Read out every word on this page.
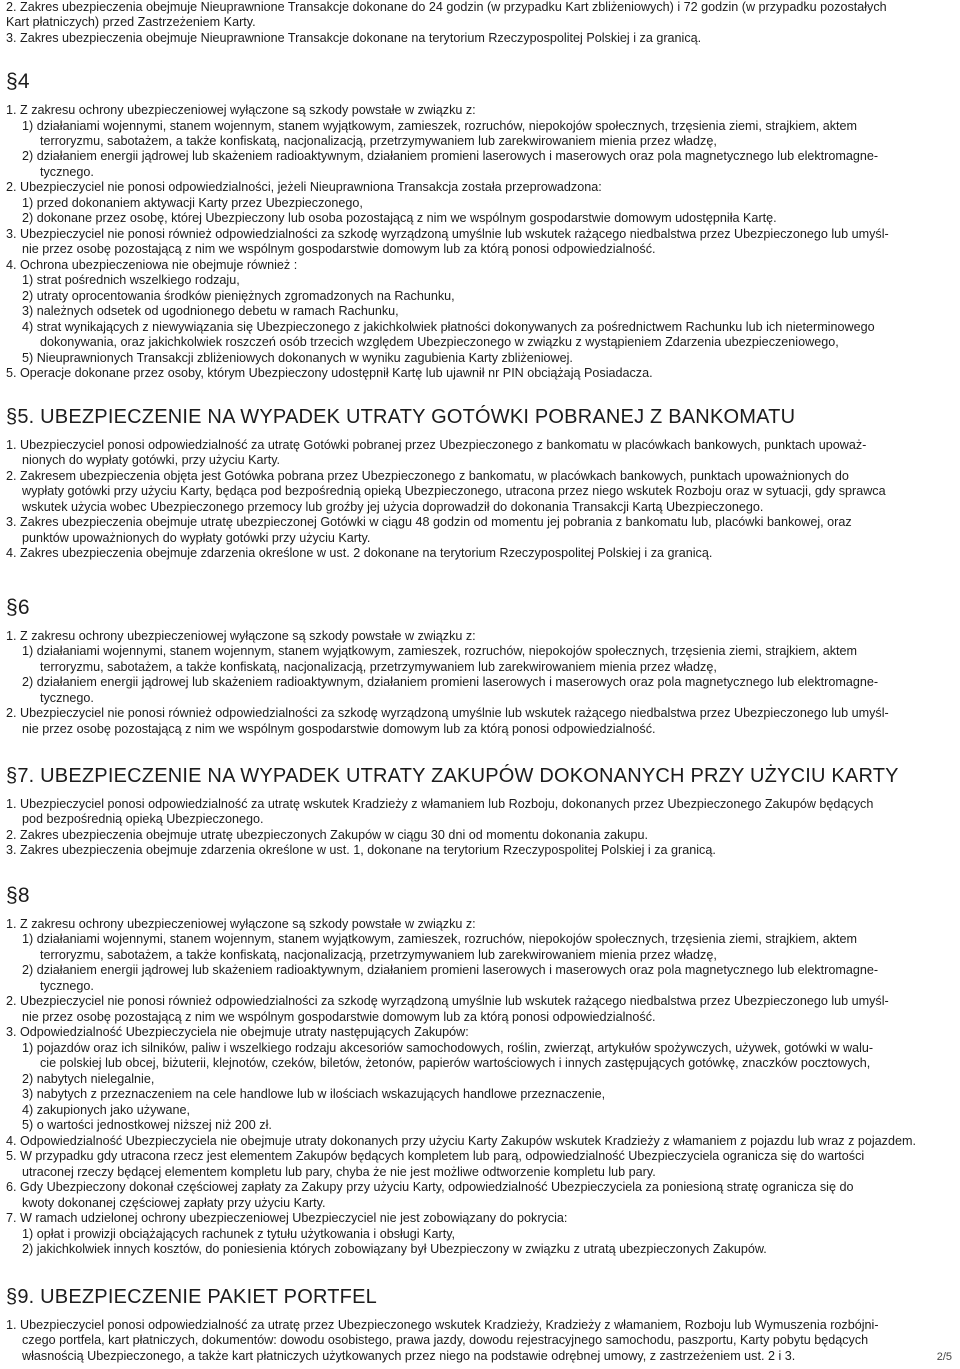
2. Zakres ubezpieczenia obejmuje Nieuprawnione Transakcje dokonane do 24 godzin (w przypadku Kart zbliżeniowych) i 72 godzin (w przypadku pozostałych
Kart płatniczych) przed Zastrzeżeniem Karty.
3. Zakres ubezpieczenia obejmuje Nieuprawnione Transakcje dokonane na terytorium Rzeczypospolitej Polskiej i za granicą.
§4
1. Z zakresu ochrony ubezpieczeniowej wyłączone są szkody powstałe w związku z:
1) działaniami wojennymi, stanem wojennym, stanem wyjątkowym, zamieszek, rozruchów, niepokojów społecznych, trzęsienia ziemi, strajkiem, aktem
terroryzmu, sabotażem, a także konfiskatą, nacjonalizacją, przetrzymywaniem lub zarekwirowaniem mienia przez władzę,
2) działaniem energii jądrowej lub skażeniem radioaktywnym, działaniem promieni laserowych i maserowych oraz pola magnetycznego lub elektromagne-
tycznego.
2. Ubezpieczyciel nie ponosi odpowiedzialności, jeżeli Nieuprawniona Transakcja została przeprowadzona:
1) przed dokonaniem aktywacji Karty przez Ubezpieczonego,
2) dokonane przez osobę, której Ubezpieczony lub osoba pozostającą z nim we wspólnym gospodarstwie domowym udostępniła Kartę.
3. Ubezpieczyciel nie ponosi również odpowiedzialności za szkodę wyrządzoną umyślnie lub wskutek rażącego niedbalstwa przez Ubezpieczonego lub umyśl-
nie przez osobę pozostającą z nim we wspólnym gospodarstwie domowym lub za którą ponosi odpowiedzialność.
4. Ochrona ubezpieczeniowa nie obejmuje również :
1) strat pośrednich wszelkiego rodzaju,
2) utraty oprocentowania środków pieniężnych zgromadzonych na Rachunku,
3) należnych odsetek od ugodnionego debetu w ramach Rachunku,
4) strat wynikających z niewywiązania się Ubezpieczonego z jakichkolwiek płatności dokonywanych za pośrednictwem Rachunku lub ich nieterminowego
dokonywania, oraz jakichkolwiek roszczeń osób trzecich względem Ubezpieczonego w związku z wystąpieniem Zdarzenia ubezpieczeniowego,
5) Nieuprawnionych Transakcji zbliżeniowych dokonanych w wyniku zagubienia Karty zbliżeniowej.
5. Operacje dokonane przez osoby, którym Ubezpieczony udostępnił Kartę lub ujawnił nr PIN obciążają Posiadacza.
§5. UBEZPIECZENIE NA WYPADEK UTRATY GOTÓWKI POBRANEJ Z BANKOMATU
1. Ubezpieczyciel ponosi odpowiedzialność za utratę Gotówki pobranej przez Ubezpieczonego z bankomatu w placówkach bankowych, punktach upoważ-
nionych do wypłaty gotówki, przy użyciu Karty.
2. Zakresem ubezpieczenia objęta jest Gotówka pobrana przez Ubezpieczonego z bankomatu, w placówkach bankowych, punktach upoważnionych do
wypłaty gotówki przy użyciu Karty, będąca pod bezpośrednią opieką Ubezpieczonego, utracona przez niego wskutek Rozboju oraz w sytuacji, gdy sprawca
wskutek użycia wobec Ubezpieczonego przemocy lub groźby jej użycia doprowadził do dokonania Transakcji Kartą Ubezpieczonego.
3. Zakres ubezpieczenia obejmuje utratę ubezpieczonej Gotówki w ciągu 48 godzin od momentu jej pobrania z bankomatu lub, placówki bankowej, oraz
punktów upoważnionych do wypłaty gotówki przy użyciu Karty.
4. Zakres ubezpieczenia obejmuje zdarzenia określone w ust. 2 dokonane na terytorium Rzeczypospolitej Polskiej i za granicą.
§6
1. Z zakresu ochrony ubezpieczeniowej wyłączone są szkody powstałe w związku z:
1) działaniami wojennymi, stanem wojennym, stanem wyjątkowym, zamieszek, rozruchów, niepokojów społecznych, trzęsienia ziemi, strajkiem, aktem
terroryzmu, sabotażem, a także konfiskatą, nacjonalizacją, przetrzymywaniem lub zarekwirowaniem mienia przez władzę,
2) działaniem energii jądrowej lub skażeniem radioaktywnym, działaniem promieni laserowych i maserowych oraz pola magnetycznego lub elektromagne-
tycznego.
2. Ubezpieczyciel nie ponosi również odpowiedzialności za szkodę wyrządzoną umyślnie lub wskutek rażącego niedbalstwa przez Ubezpieczonego lub umyśl-
nie przez osobę pozostającą z nim we wspólnym gospodarstwie domowym lub za którą ponosi odpowiedzialność.
§7. UBEZPIECZENIE NA WYPADEK UTRATY ZAKUPÓW DOKONANYCH PRZY UŻYCIU KARTY
1. Ubezpieczyciel ponosi odpowiedzialność za utratę wskutek Kradzieży z włamaniem lub Rozboju, dokonanych przez Ubezpieczonego Zakupów będących
pod bezpośrednią opieką Ubezpieczonego.
2. Zakres ubezpieczenia obejmuje utratę ubezpieczonych Zakupów w ciągu 30 dni od momentu dokonania zakupu.
3. Zakres ubezpieczenia obejmuje zdarzenia określone w ust. 1, dokonane na terytorium Rzeczypospolitej Polskiej i za granicą.
§8
1. Z zakresu ochrony ubezpieczeniowej wyłączone są szkody powstałe w związku z:
1) działaniami wojennymi, stanem wojennym, stanem wyjątkowym, zamieszek, rozruchów, niepokojów społecznych, trzęsienia ziemi, strajkiem, aktem
terroryzmu, sabotażem, a także konfiskatą, nacjonalizacją, przetrzymywaniem lub zarekwirowaniem mienia przez władzę,
2) działaniem energii jądrowej lub skażeniem radioaktywnym, działaniem promieni laserowych i maserowych oraz pola magnetycznego lub elektromagne-
tycznego.
2. Ubezpieczyciel nie ponosi również odpowiedzialności za szkodę wyrządzoną umyślnie lub wskutek rażącego niedbalstwa przez Ubezpieczonego lub umyśl-
nie przez osobę pozostającą z nim we wspólnym gospodarstwie domowym lub za którą ponosi odpowiedzialność.
3. Odpowiedzialność Ubezpieczyciela nie obejmuje utraty następujących Zakupów:
1) pojazdów oraz ich silników, paliw i wszelkiego rodzaju akcesoriów samochodowych, roślin, zwierząt, artykułów spożywczych, używek, gotówki w walu-
cie polskiej lub obcej, biżuterii, klejnotów, czeków, biletów, żetonów, papierów wartościowych i innych zastępujących gotówkę, znaczków pocztowych,
2) nabytych nielegalnie,
3) nabytych z przeznaczeniem na cele handlowe lub w ilościach wskazujących handlowe przeznaczenie,
4) zakupionych jako używane,
5) o wartości jednostkowej niższej niż 200 zł.
4. Odpowiedzialność Ubezpieczyciela nie obejmuje utraty dokonanych przy użyciu Karty Zakupów wskutek Kradzieży z włamaniem z pojazdu lub wraz z pojazdem.
5. W przypadku gdy utracona rzecz jest elementem Zakupów będących kompletem lub parą, odpowiedzialność Ubezpieczyciela ogranicza się do wartości
utraconej rzeczy będącej elementem kompletu lub pary, chyba że nie jest możliwe odtworzenie kompletu lub pary.
6. Gdy Ubezpieczony dokonał częściowej zapłaty za Zakupy przy użyciu Karty, odpowiedzialność Ubezpieczyciela za poniesioną stratę ogranicza się do
kwoty dokonanej częściowej zapłaty przy użyciu Karty.
7. W ramach udzielonej ochrony ubezpieczeniowej Ubezpieczyciel nie jest zobowiązany do pokrycia:
1) opłat i prowizji obciążających rachunek z tytułu użytkowania i obsługi Karty,
2) jakichkolwiek innych kosztów, do poniesienia których zobowiązany był Ubezpieczony w związku z utratą ubezpieczonych Zakupów.
§9. UBEZPIECZENIE PAKIET PORTFEL
1. Ubezpieczyciel ponosi odpowiedzialność za utratę przez Ubezpieczonego wskutek Kradzieży, Kradzieży z włamaniem, Rozboju lub Wymuszenia rozbójni-
czego portfela, kart płatniczych, dokumentów: dowodu osobistego, prawa jazdy, dowodu rejestracyjnego samochodu, paszportu, Karty pobytu będących
własnością Ubezpieczonego, a także kart płatniczych użytkowanych przez niego na podstawie odrębnej umowy, z zastrzeżeniem ust. 2 i 3.	2/5
